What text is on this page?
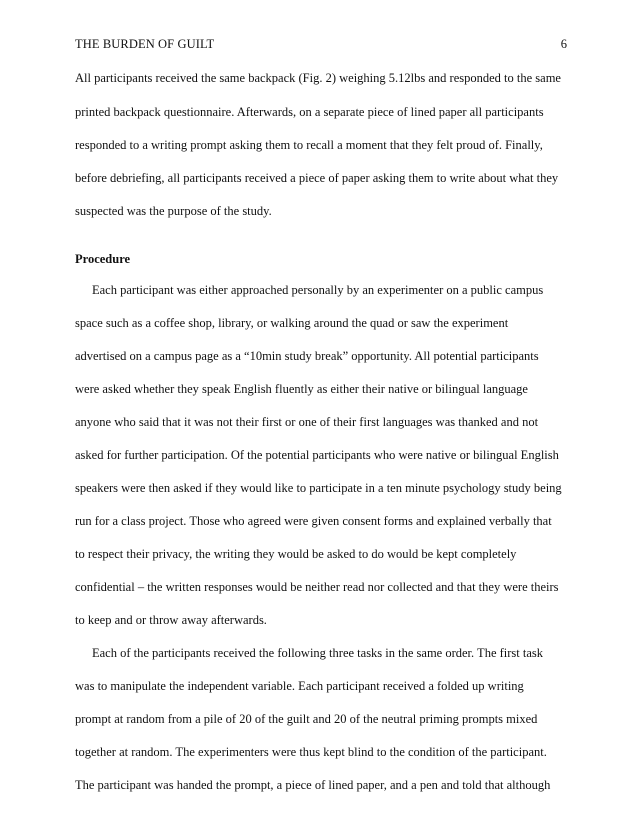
THE BURDEN OF GUILT	6
All participants received the same backpack (Fig. 2) weighing 5.12lbs and responded to the same
printed backpack questionnaire. Afterwards, on a separate piece of lined paper all participants
responded to a writing prompt asking them to recall a moment that they felt proud of. Finally,
before debriefing, all participants received a piece of paper asking them to write about what they
suspected was the purpose of the study.
Procedure
Each participant was either approached personally by an experimenter on a public campus
space such as a coffee shop, library, or walking around the quad or saw the experiment
advertised on a campus page as a “10min study break” opportunity. All potential participants
were asked whether they speak English fluently as either their native or bilingual language
anyone who said that it was not their first or one of their first languages was thanked and not
asked for further participation. Of the potential participants who were native or bilingual English
speakers were then asked if they would like to participate in a ten minute psychology study being
run for a class project. Those who agreed were given consent forms and explained verbally that
to respect their privacy, the writing they would be asked to do would be kept completely
confidential – the written responses would be neither read nor collected and that they were theirs
to keep and or throw away afterwards.
Each of the participants received the following three tasks in the same order. The first task
was to manipulate the independent variable. Each participant received a folded up writing
prompt at random from a pile of 20 of the guilt and 20 of the neutral priming prompts mixed
together at random. The experimenters were thus kept blind to the condition of the participant.
The participant was handed the prompt, a piece of lined paper, and a pen and told that although
